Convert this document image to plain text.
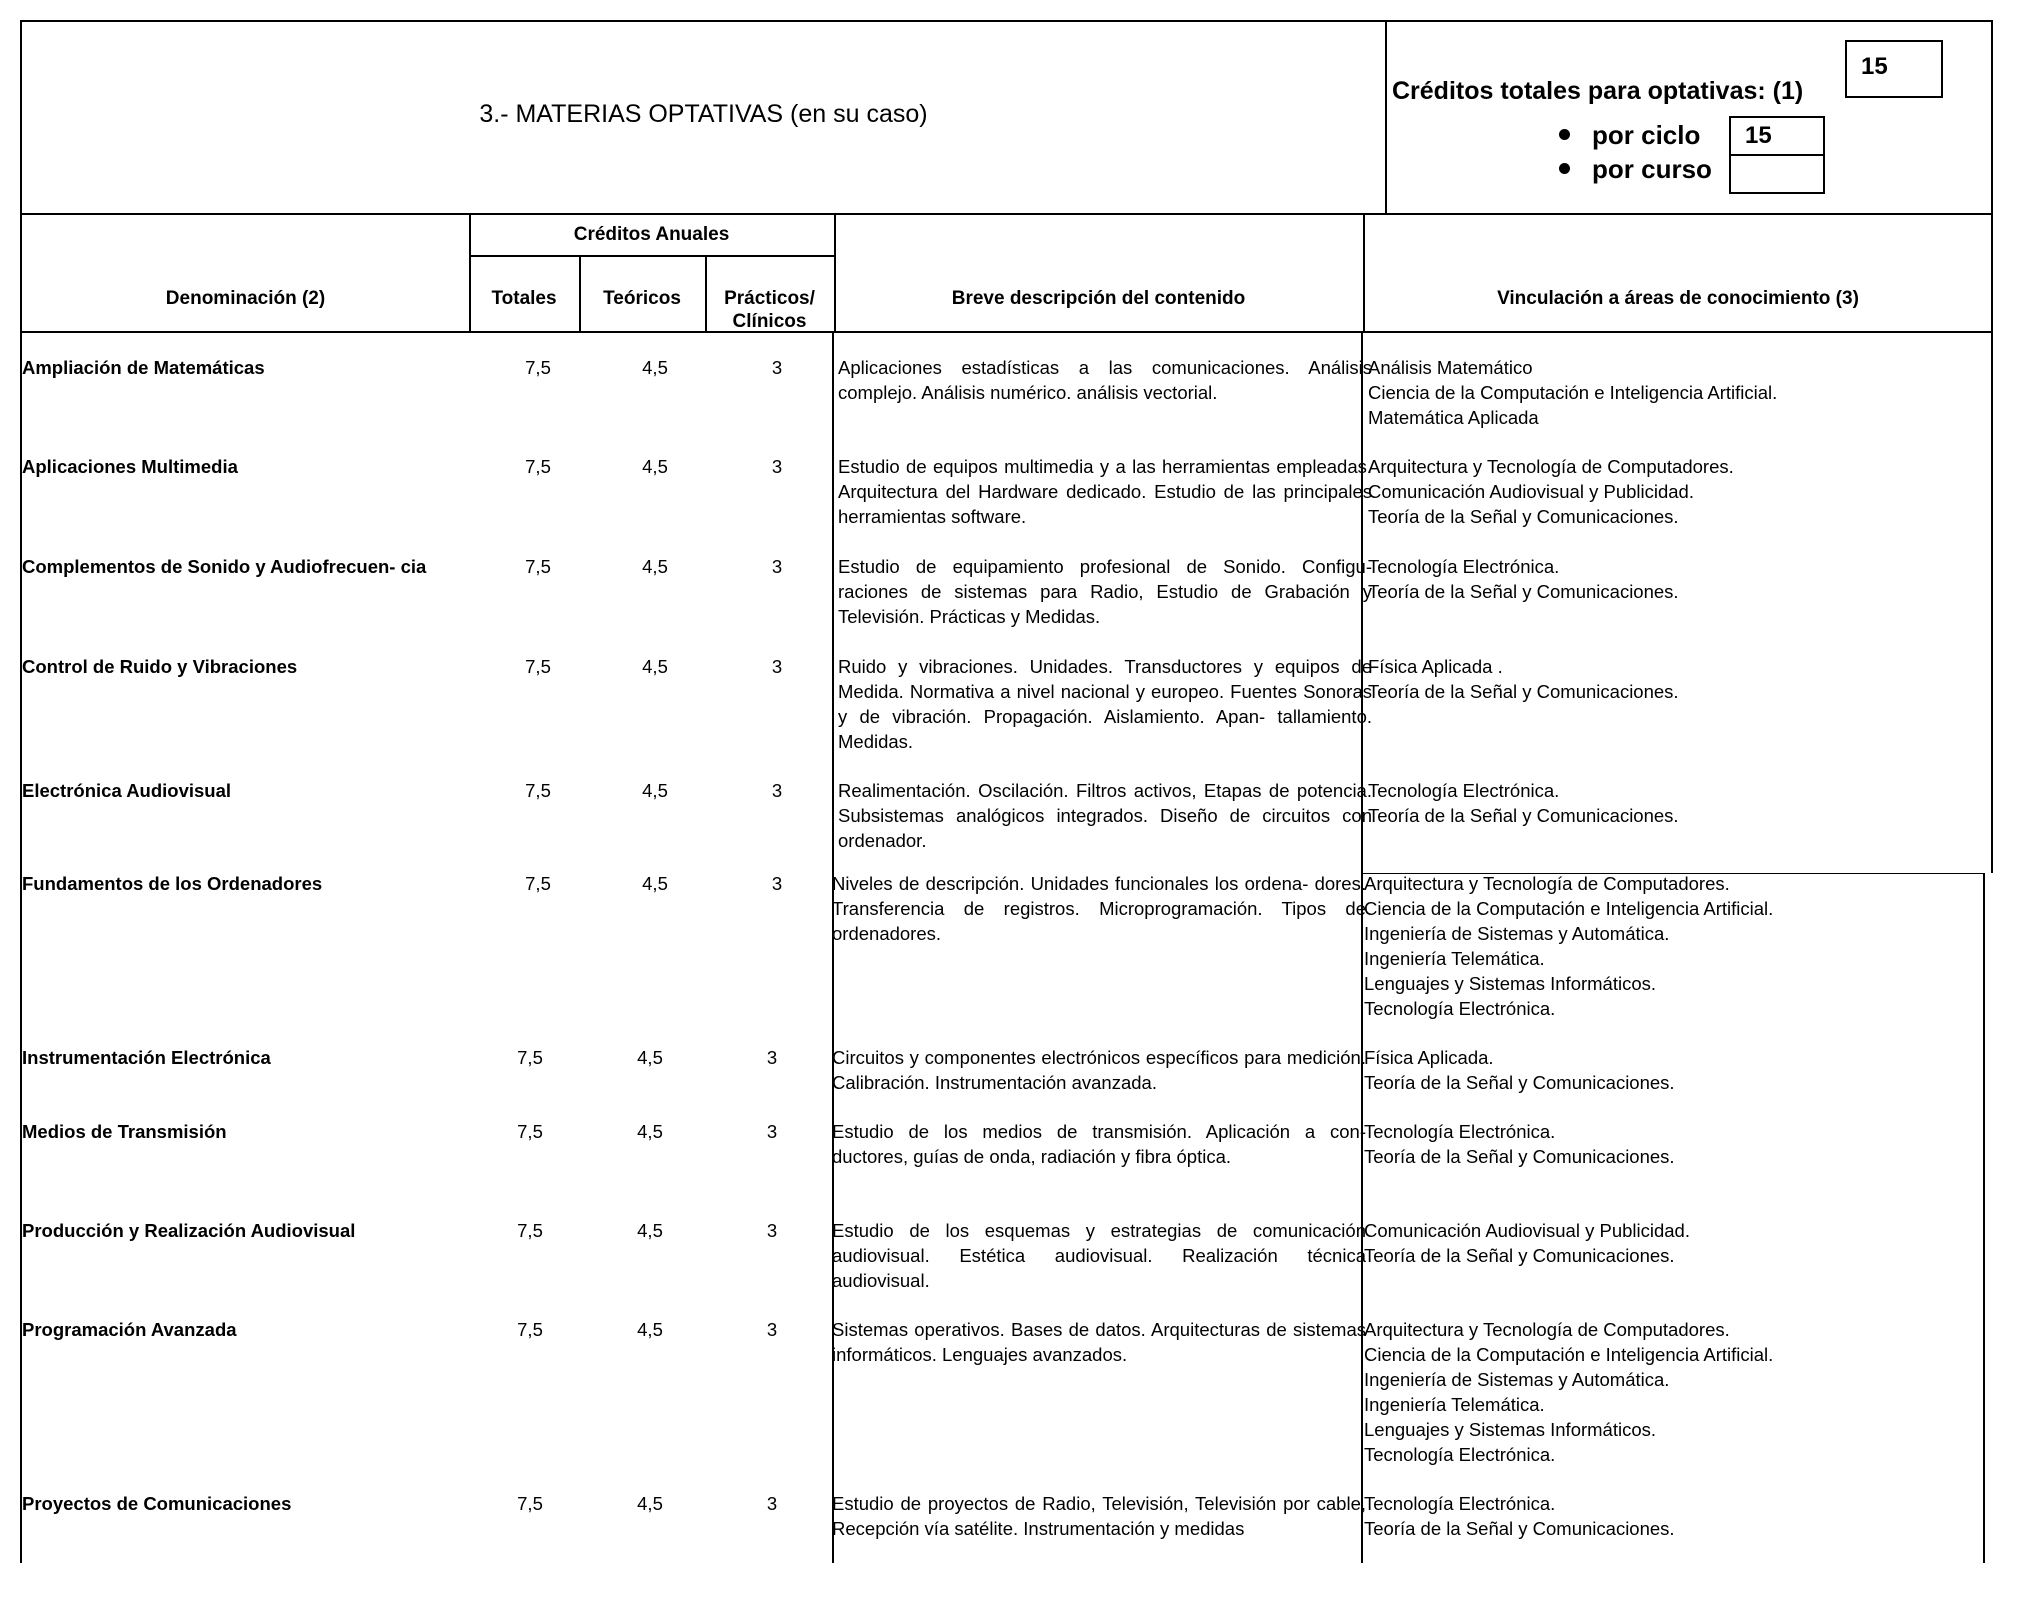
3.- MATERIAS OPTATIVAS (en su caso)
Créditos totales para optativas: (1)
15
por ciclo	15
por curso
Denominación (2)
Créditos Anuales
Totales	Teóricos	Prácticos/ Clínicos
Breve descripción del contenido	Vinculación a áreas de conocimiento (3)
Ampliación de Matemáticas	7,5	4,5	3	Aplicaciones estadísticas a las comunicaciones. Análisis complejo. Análisis numérico. análisis vectorial.
Análisis Matemático
Ciencia de la Computación e Inteligencia Artificial.
Matemática Aplicada
Aplicaciones Multimedia	7,5	4,5	3	Estudio de equipos multimedia y a las herramientas empleadas. Arquitectura del Hardware dedicado. Estudio de las principales herramientas software.
Arquitectura y Tecnología de Computadores.
Comunicación Audiovisual y Publicidad.
Teoría de la Señal y Comunicaciones.
Complementos de Sonido y Audiofrecuen- cia	7,5	4,5	3	Estudio de equipamiento profesional de Sonido. Configu- raciones de sistemas para Radio, Estudio de Grabación y Televisión. Prácticas y Medidas.
Tecnología Electrónica.
Teoría de la Señal y Comunicaciones.
Control de Ruido y Vibraciones	7,5	4,5	3	Ruido y vibraciones. Unidades. Transductores y equipos de Medida. Normativa a nivel nacional y europeo. Fuentes Sonoras y de vibración. Propagación. Aislamiento. Apan- tallamiento. Medidas.
Física Aplicada .
Teoría de la Señal y Comunicaciones.
Electrónica Audiovisual	7,5	4,5	3	Realimentación. Oscilación. Filtros activos, Etapas de potencia. Subsistemas analógicos integrados. Diseño de circuitos con ordenador.
Tecnología Electrónica.
Teoría de la Señal y Comunicaciones.
Fundamentos de los Ordenadores	7,5	4,5	3	Niveles de descripción. Unidades funcionales los ordena- dores. Transferencia de registros. Microprogramación. Tipos de ordenadores.
Arquitectura y Tecnología de Computadores.
Ciencia de la Computación e Inteligencia Artificial.
Ingeniería de Sistemas y Automática.
Ingeniería Telemática.
Lenguajes y Sistemas Informáticos.
Tecnología Electrónica.
Instrumentación Electrónica	7,5	4,5	3	Circuitos y componentes electrónicos específicos para medición. Calibración. Instrumentación avanzada.
Física Aplicada.
Teoría de la Señal y Comunicaciones.
Medios de Transmisión	7,5	4,5	3	Estudio de los medios de transmisión. Aplicación a con- ductores, guías de onda, radiación y fibra óptica.
Tecnología Electrónica.
Teoría de la Señal y Comunicaciones.
Producción y Realización Audiovisual	7,5	4,5	3	Estudio de los esquemas y estrategias de comunicación audiovisual. Estética audiovisual. Realización técnica audiovisual.
Comunicación Audiovisual y Publicidad.
Teoría de la Señal y Comunicaciones.
Programación Avanzada	7,5	4,5	3	Sistemas operativos. Bases de datos. Arquitecturas de sistemas informáticos. Lenguajes avanzados.
Arquitectura y Tecnología de Computadores.
Ciencia de la Computación e Inteligencia Artificial.
Ingeniería de Sistemas y Automática.
Ingeniería Telemática.
Lenguajes y Sistemas Informáticos.
Tecnología Electrónica.
Proyectos de Comunicaciones	7,5	4,5	3	Estudio de proyectos de Radio, Televisión, Televisión por cable, Recepción vía satélite. Instrumentación y medidas
Tecnología Electrónica.
Teoría de la Señal y Comunicaciones.
